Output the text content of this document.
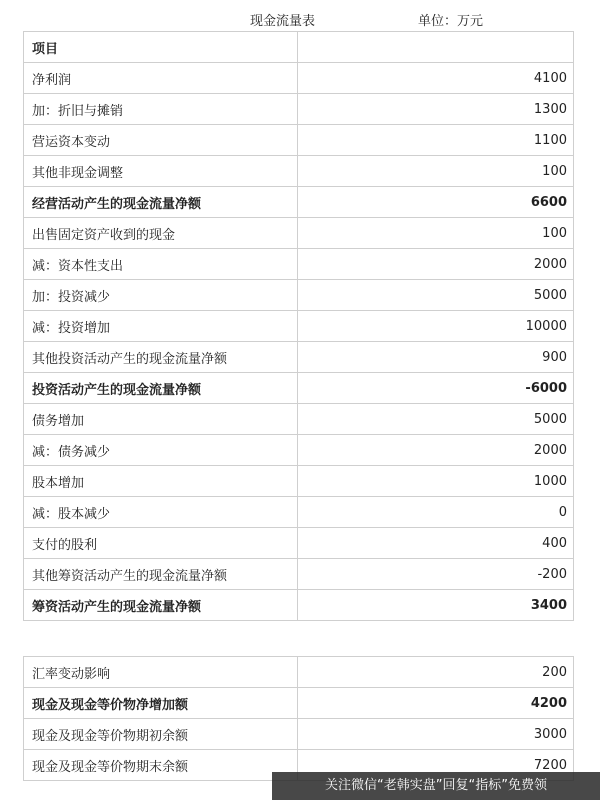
现金流量表	单位：万元
项目	
净利润	4100
加：折旧与摊销	1300
营运资本变动	1100
其他非现金调整	100
经营活动产生的现金流量净额	6600
出售固定资产收到的现金	100
减：资本性支出	2000
加：投资减少	5000
减：投资增加	10000
其他投资活动产生的现金流量净额	900
投资活动产生的现金流量净额	-6000
债务增加	5000
减：债务减少	2000
股本增加	1000
减：股本减少	0
支付的股利	400
其他筹资活动产生的现金流量净额	-200
筹资活动产生的现金流量净额	3400
汇率变动影响	200
现金及现金等价物净增加额	4200
现金及现金等价物期初余额	3000
现金及现金等价物期末余额	7200
关注微信“老韩实盘”回复“指标”免费领
